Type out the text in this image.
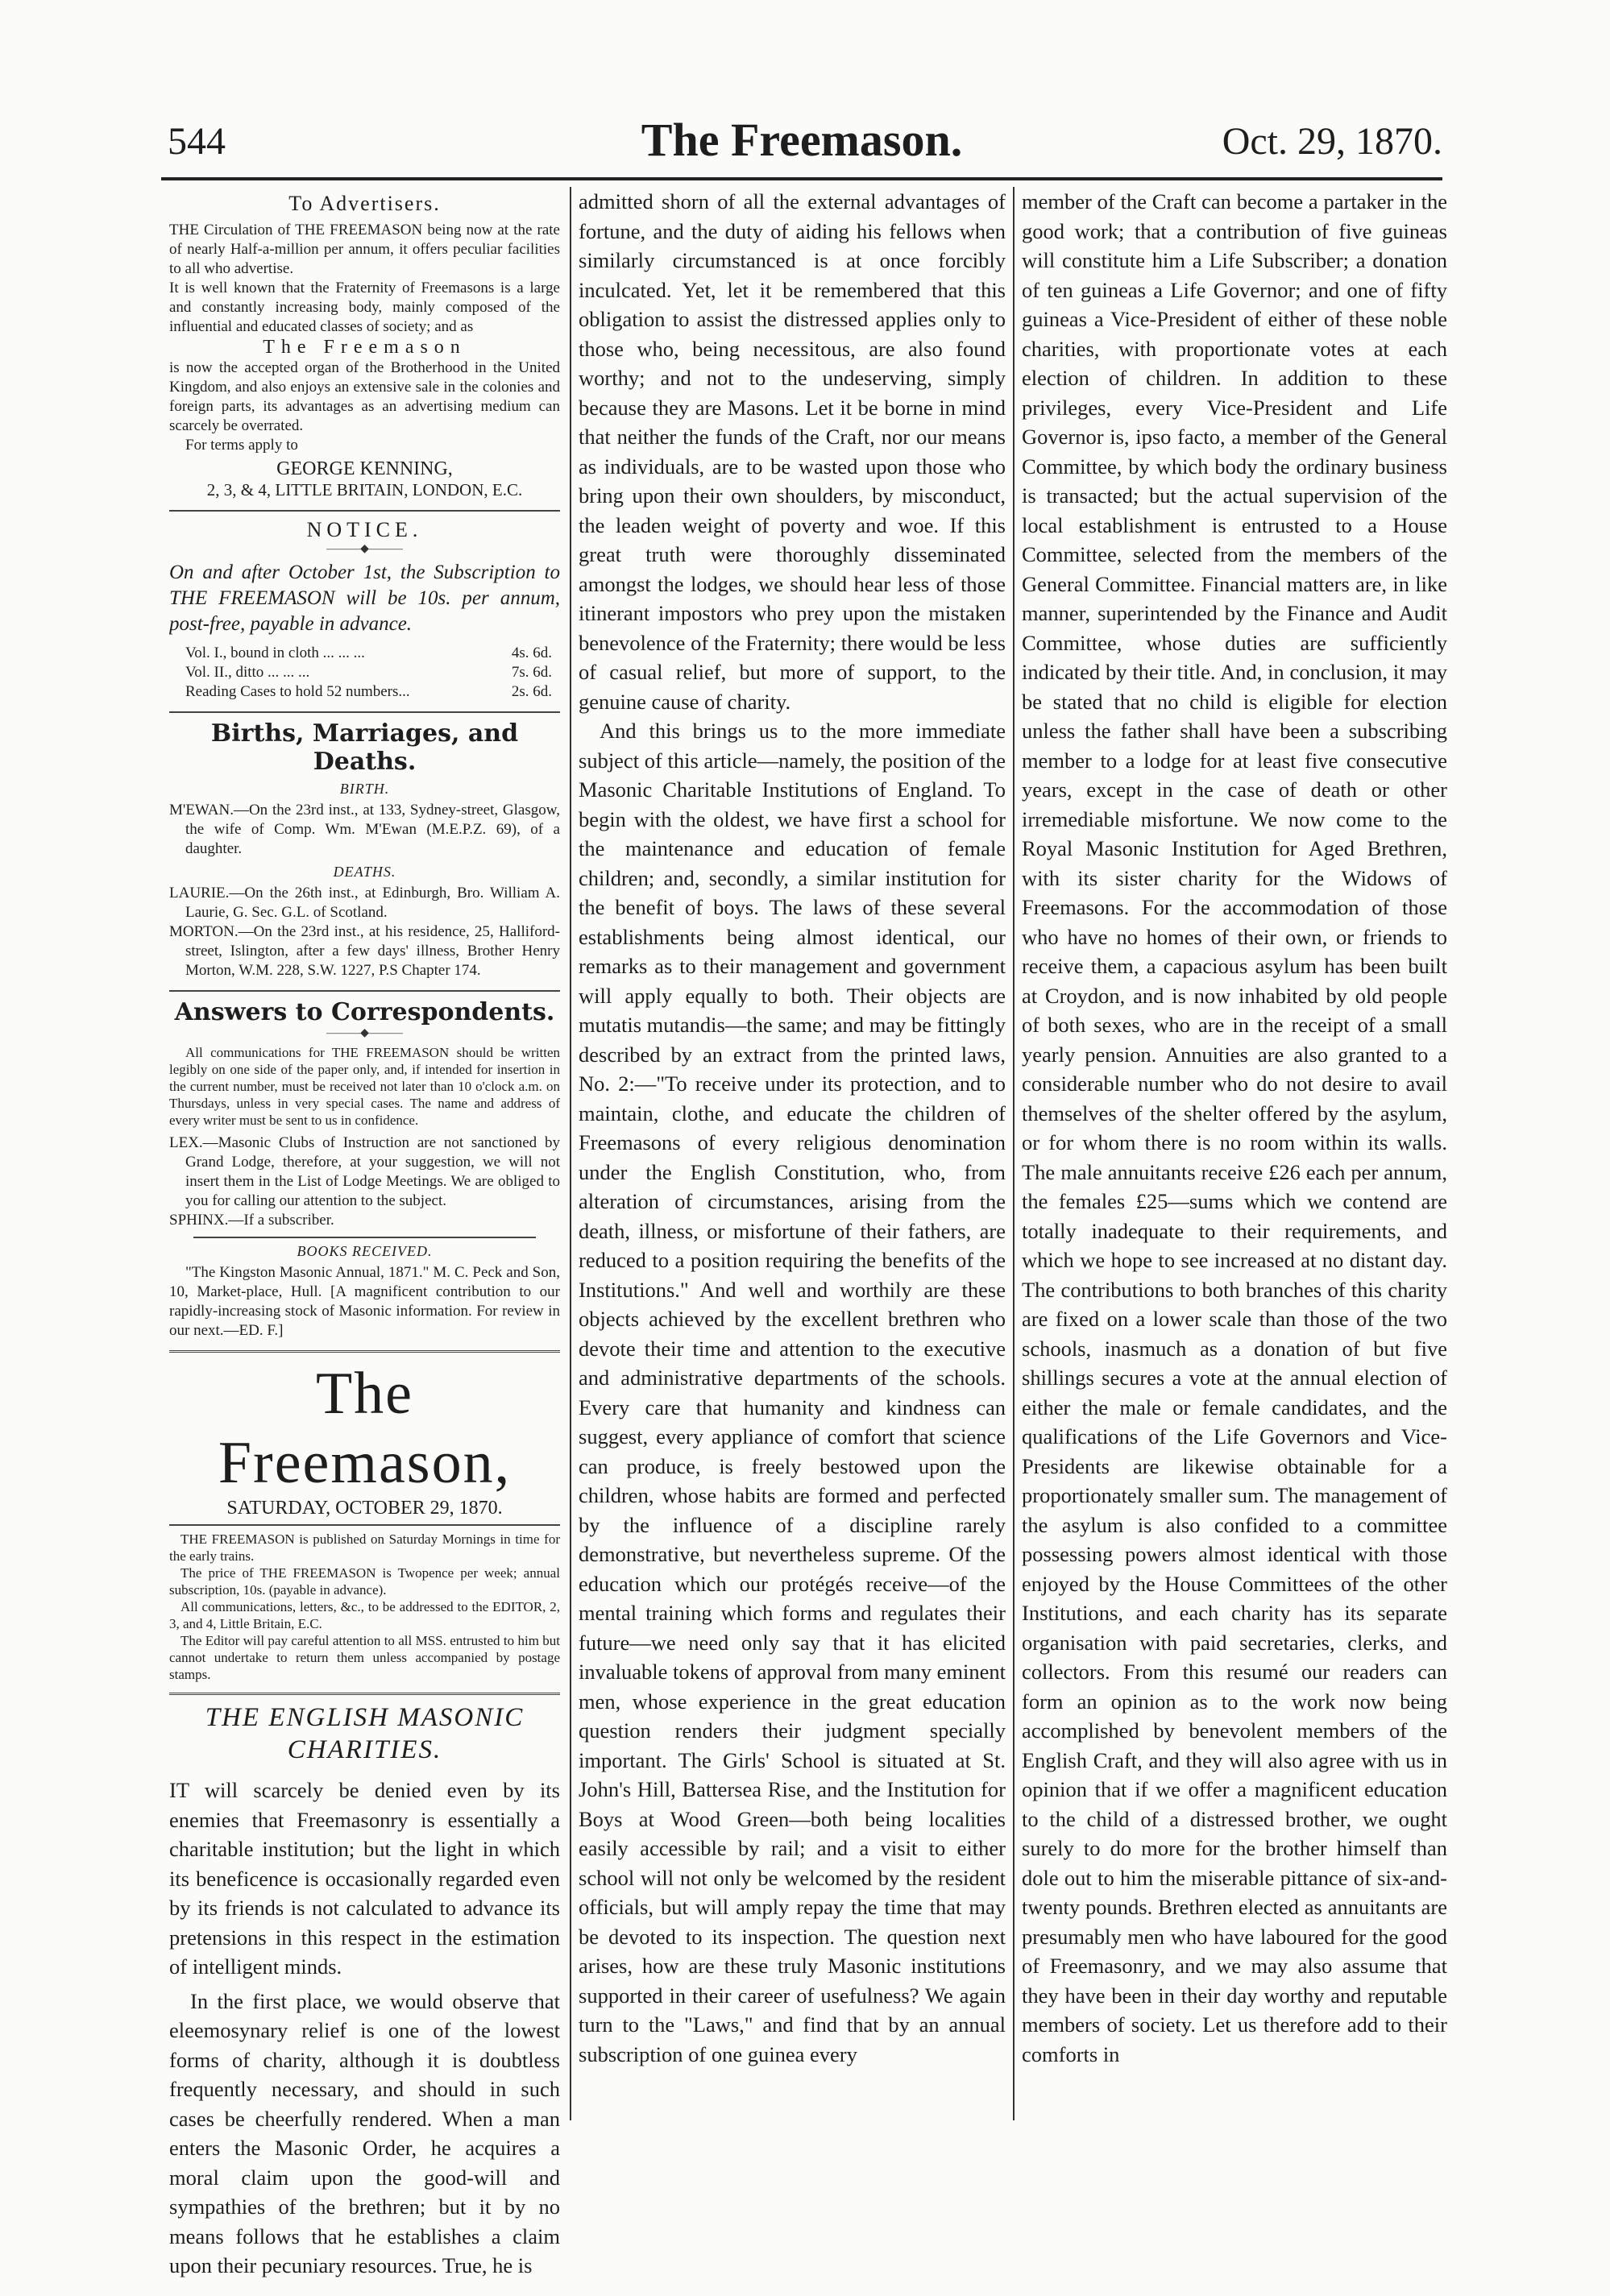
544	The Freemason.	Oct. 29, 1870.
To Advertisers.

THE Circulation of THE FREEMASON being now at the rate of nearly Half-a-million per annum, it offers peculiar facilities to all who advertise.

It is well known that the Fraternity of Freemasons is a large and constantly increasing body, mainly composed of the influential and educated classes of society; and as

The Freemason

is now the accepted organ of the Brotherhood in the United Kingdom, and also enjoys an extensive sale in the colonies and foreign parts, its advantages as an advertising medium can scarcely be overrated.

For terms apply to

GEORGE KENNING,
2, 3, & 4, LITTLE BRITAIN, LONDON, E.C.
NOTICE.
———◆———

On and after October 1st, the Subscription to THE FREEMASON will be 10s. per annum, post-free, payable in advance.

Vol. I., bound in cloth ... ... ...	4s. 6d.
Vol. II., ditto ... ... ...	7s. 6d.
Reading Cases to hold 52 numbers...	2s. 6d.
Births, Marriages, and Deaths.
BIRTH.

M'EWAN.—On the 23rd inst., at 133, Sydney-street, Glasgow, the wife of Comp. Wm. M'Ewan (M.E.P.Z. 69), of a daughter.

DEATHS.

LAURIE.—On the 26th inst., at Edinburgh, Bro. William A. Laurie, G. Sec. G.L. of Scotland.

MORTON.—On the 23rd inst., at his residence, 25, Halliford-street, Islington, after a few days' illness, Brother Henry Morton, W.M. 228, S.W. 1227, P.S Chapter 174.

Answers to Correspondents.
———◆———

All communications for THE FREEMASON should be written legibly on one side of the paper only, and, if intended for insertion in the current number, must be received not later than 10 o'clock a.m. on Thursdays, unless in very special cases. The name and address of every writer must be sent to us in confidence.

LEX.—Masonic Clubs of Instruction are not sanctioned by Grand Lodge, therefore, at your suggestion, we will not insert them in the List of Lodge Meetings. We are obliged to you for calling our attention to the subject.

SPHINX.—If a subscriber.

BOOKS RECEIVED.

"The Kingston Masonic Annual, 1871." M. C. Peck and Son, 10, Market-place, Hull. [A magnificent contribution to our rapidly-increasing stock of Masonic information. For review in our next.—ED. F.]

The Freemason,
SATURDAY, OCTOBER 29, 1870.

THE FREEMASON is published on Saturday Mornings in time for the early trains.

The price of THE FREEMASON is Twopence per week; annual subscription, 10s. (payable in advance).

All communications, letters, &c., to be addressed to the EDITOR, 2, 3, and 4, Little Britain, E.C.

The Editor will pay careful attention to all MSS. entrusted to him but cannot undertake to return them unless accompanied by postage stamps.

THE ENGLISH MASONIC CHARITIES.

IT will scarcely be denied even by its enemies that Freemasonry is essentially a charitable institution; but the light in which its beneficence is occasionally regarded even by its friends is not calculated to advance its pretensions in this respect in the estimation of intelligent minds.

In the first place, we would observe that eleemosynary relief is one of the lowest forms of charity, although it is doubtless frequently necessary, and should in such cases be cheerfully rendered. When a man enters the Masonic Order, he acquires a moral claim upon the good-will and sympathies of the brethren; but it by no means follows that he establishes a claim upon their pecuniary resources. True, he is

admitted shorn of all the external advantages of fortune, and the duty of aiding his fellows when similarly circumstanced is at once forcibly inculcated. Yet, let it be remembered that this obligation to assist the distressed applies only to those who, being necessitous, are also found worthy; and not to the undeserving, simply because they are Masons. Let it be borne in mind that neither the funds of the Craft, nor our means as individuals, are to be wasted upon those who bring upon their own shoulders, by misconduct, the leaden weight of poverty and woe. If this great truth were thoroughly disseminated amongst the lodges, we should hear less of those itinerant impostors who prey upon the mistaken benevolence of the Fraternity; there would be less of casual relief, but more of support, to the genuine cause of charity.

And this brings us to the more immediate subject of this article—namely, the position of the Masonic Charitable Institutions of England. To begin with the oldest, we have first a school for the maintenance and education of female children; and, secondly, a similar institution for the benefit of boys. The laws of these several establishments being almost identical, our remarks as to their management and government will apply equally to both. Their objects are mutatis mutandis—the same; and may be fittingly described by an extract from the printed laws, No. 2:—"To receive under its protection, and to maintain, clothe, and educate the children of Freemasons of every religious denomination under the English Constitution, who, from alteration of circumstances, arising from the death, illness, or misfortune of their fathers, are reduced to a position requiring the benefits of the Institutions." And well and worthily are these objects achieved by the excellent brethren who devote their time and attention to the executive and administrative departments of the schools. Every care that humanity and kindness can suggest, every appliance of comfort that science can produce, is freely bestowed upon the children, whose habits are formed and perfected by the influence of a discipline rarely demonstrative, but nevertheless supreme. Of the education which our protégés receive—of the mental training which forms and regulates their future—we need only say that it has elicited invaluable tokens of approval from many eminent men, whose experience in the great education question renders their judgment specially important. The Girls' School is situated at St. John's Hill, Battersea Rise, and the Institution for Boys at Wood Green—both being localities easily accessible by rail; and a visit to either school will not only be welcomed by the resident officials, but will amply repay the time that may be devoted to its inspection. The question next arises, how are these truly Masonic institutions supported in their career of usefulness? We again turn to the "Laws," and find that by an annual subscription of one guinea every

member of the Craft can become a partaker in the good work; that a contribution of five guineas will constitute him a Life Subscriber; a donation of ten guineas a Life Governor; and one of fifty guineas a Vice-President of either of these noble charities, with proportionate votes at each election of children. In addition to these privileges, every Vice-President and Life Governor is, ipso facto, a member of the General Committee, by which body the ordinary business is transacted; but the actual supervision of the local establishment is entrusted to a House Committee, selected from the members of the General Committee. Financial matters are, in like manner, superintended by the Finance and Audit Committee, whose duties are sufficiently indicated by their title. And, in conclusion, it may be stated that no child is eligible for election unless the father shall have been a subscribing member to a lodge for at least five consecutive years, except in the case of death or other irremediable misfortune. We now come to the Royal Masonic Institution for Aged Brethren, with its sister charity for the Widows of Freemasons. For the accommodation of those who have no homes of their own, or friends to receive them, a capacious asylum has been built at Croydon, and is now inhabited by old people of both sexes, who are in the receipt of a small yearly pension. Annuities are also granted to a considerable number who do not desire to avail themselves of the shelter offered by the asylum, or for whom there is no room within its walls. The male annuitants receive £26 each per annum, the females £25—sums which we contend are totally inadequate to their requirements, and which we hope to see increased at no distant day. The contributions to both branches of this charity are fixed on a lower scale than those of the two schools, inasmuch as a donation of but five shillings secures a vote at the annual election of either the male or female candidates, and the qualifications of the Life Governors and Vice-Presidents are likewise obtainable for a proportionately smaller sum. The management of the asylum is also confided to a committee possessing powers almost identical with those enjoyed by the House Committees of the other Institutions, and each charity has its separate organisation with paid secretaries, clerks, and collectors. From this resumé our readers can form an opinion as to the work now being accomplished by benevolent members of the English Craft, and they will also agree with us in opinion that if we offer a magnificent education to the child of a distressed brother, we ought surely to do more for the brother himself than dole out to him the miserable pittance of six-and-twenty pounds. Brethren elected as annuitants are presumably men who have laboured for the good of Freemasonry, and we may also assume that they have been in their day worthy and reputable members of society. Let us therefore add to their comforts in
